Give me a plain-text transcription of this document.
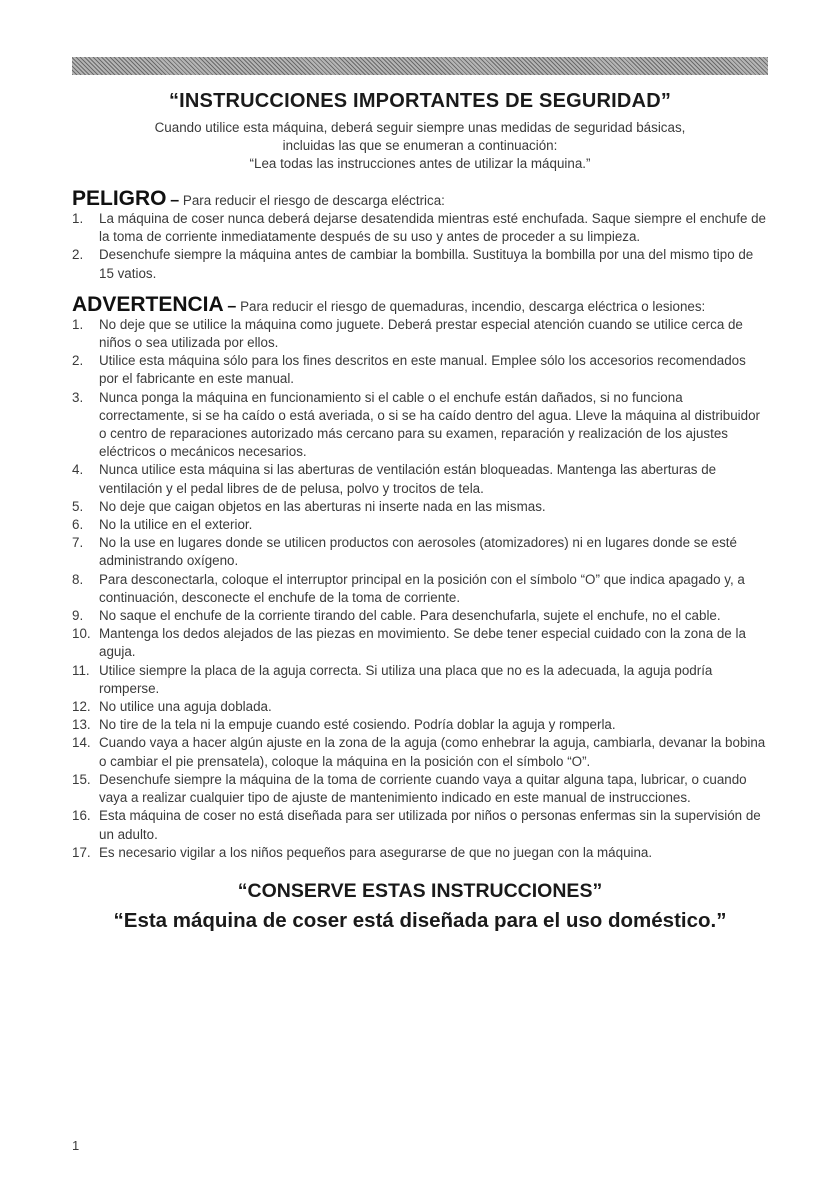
“INSTRUCCIONES IMPORTANTES DE SEGURIDAD”

Cuando utilice esta máquina, deberá seguir siempre unas medidas de seguridad básicas,

incluidas las que se enumeran a continuación:

“Lea todas las instrucciones antes de utilizar la máquina.”

PELIGRO – Para reducir el riesgo de descarga eléctrica:

1.	La máquina de coser nunca deberá dejarse desatendida mientras esté enchufada. Saque siempre el enchufe de la toma de corriente inmediatamente después de su uso y antes de proceder a su limpieza.
2.	Desenchufe siempre la máquina antes de cambiar la bombilla. Sustituya la bombilla por una del mismo tipo de 15 vatios.

ADVERTENCIA – Para reducir el riesgo de quemaduras, incendio, descarga eléctrica o lesiones:

1.	No deje que se utilice la máquina como juguete. Deberá prestar especial atención cuando se utilice cerca de niños o sea utilizada por ellos.
2.	Utilice esta máquina sólo para los fines descritos en este manual. Emplee sólo los accesorios recomendados por el fabricante en este manual.
3.	Nunca ponga la máquina en funcionamiento si el cable o el enchufe están dañados, si no funciona correctamente, si se ha caído o está averiada, o si se ha caído dentro del agua. Lleve la máquina al distribuidor o centro de reparaciones autorizado más cercano para su examen, reparación y realización de los ajustes eléctricos o mecánicos necesarios.
4.	Nunca utilice esta máquina si las aberturas de ventilación están bloqueadas. Mantenga las aberturas de ventilación y el pedal libres de de pelusa, polvo y trocitos de tela.
5.	No deje que caigan objetos en las aberturas ni inserte nada en las mismas.
6.	No la utilice en el exterior.
7.	No la use en lugares donde se utilicen productos con aerosoles (atomizadores) ni en lugares donde se esté administrando oxígeno.
8.	Para desconectarla, coloque el interruptor principal en la posición con el símbolo “O” que indica apagado y, a continuación, desconecte el enchufe de la toma de corriente.
9.	No saque el enchufe de la corriente tirando del cable. Para desenchufarla, sujete el enchufe, no el cable.
10. Mantenga los dedos alejados de las piezas en movimiento. Se debe tener especial cuidado con la zona de la aguja.
11. Utilice siempre la placa de la aguja correcta. Si utiliza una placa que no es la adecuada, la aguja podría romperse.
12. No utilice una aguja doblada.
13. No tire de la tela ni la empuje cuando esté cosiendo. Podría doblar la aguja y romperla.
14. Cuando vaya a hacer algún ajuste en la zona de la aguja (como enhebrar la aguja, cambiarla, devanar la bobina o cambiar el pie prensatela), coloque la máquina en la posición con el símbolo “O”.
15. Desenchufe siempre la máquina de la toma de corriente cuando vaya a quitar alguna tapa, lubricar, o cuando vaya a realizar cualquier tipo de ajuste de mantenimiento indicado en este manual de instrucciones.
16. Esta máquina de coser no está diseñada para ser utilizada por niños o personas enfermas sin la supervisión de un adulto.
17. Es necesario vigilar a los niños pequeños para asegurarse de que no juegan con la máquina.

“CONSERVE ESTAS INSTRUCCIONES”

“Esta máquina de coser está diseñada para el uso doméstico.”

1
